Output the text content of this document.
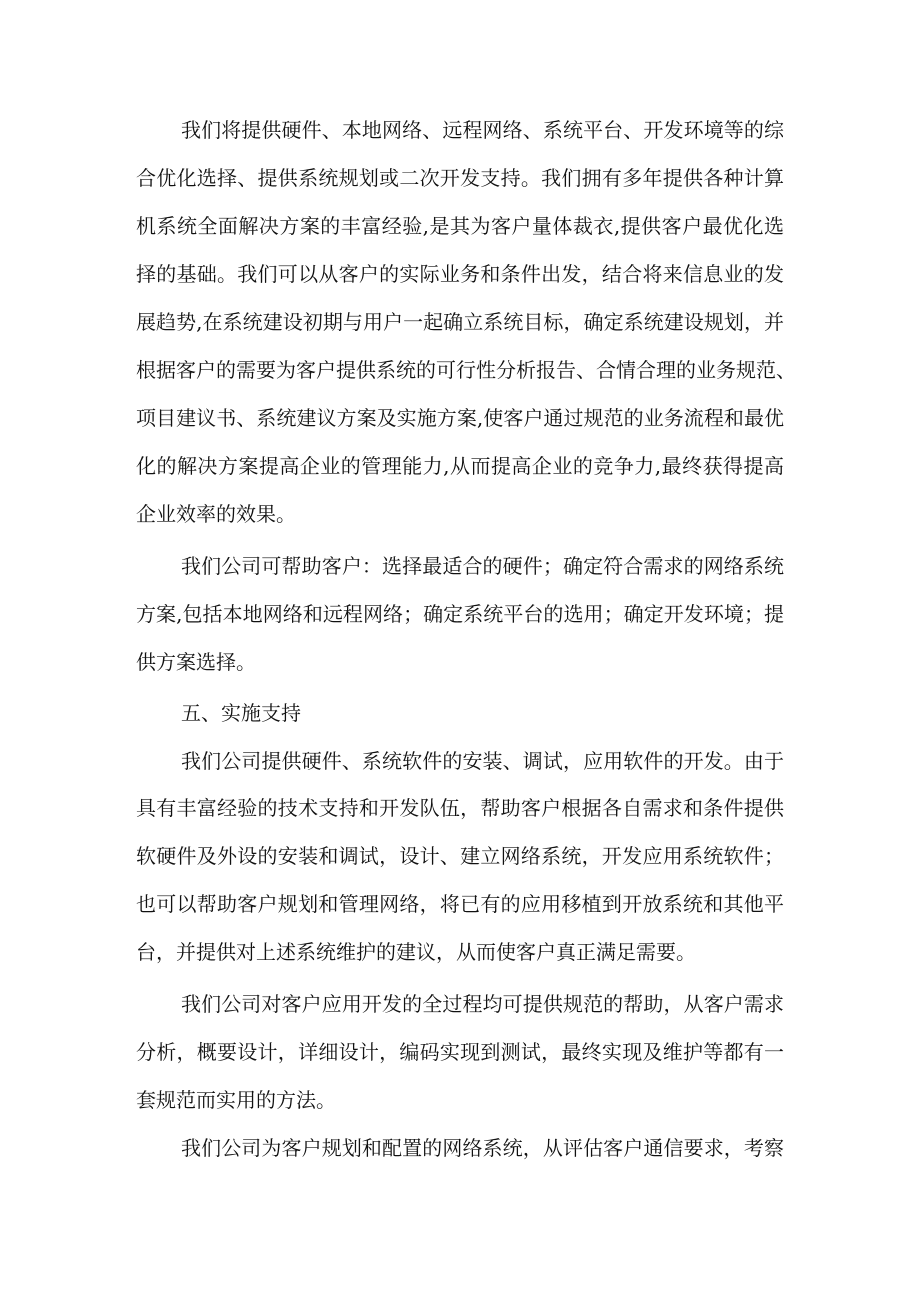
我们将提供硬件、本地网络、远程网络、系统平台、开发环境等的综

合优化选择、提供系统规划或二次开发支持。我们拥有多年提供各种计算

机系统全面解决方案的丰富经验,是其为客户量体裁衣,提供客户最优化选

择的基础。我们可以从客户的实际业务和条件出发，结合将来信息业的发

展趋势,在系统建设初期与用户一起确立系统目标，确定系统建设规划，并

根据客户的需要为客户提供系统的可行性分析报告、合情合理的业务规范、

项目建议书、系统建议方案及实施方案,使客户通过规范的业务流程和最优

化的解决方案提高企业的管理能力,从而提高企业的竞争力,最终获得提高

企业效率的效果。

我们公司可帮助客户：选择最适合的硬件；确定符合需求的网络系统

方案,包括本地网络和远程网络；确定系统平台的选用；确定开发环境；提

供方案选择。

五、实施支持

我们公司提供硬件、系统软件的安装、调试，应用软件的开发。由于

具有丰富经验的技术支持和开发队伍，帮助客户根据各自需求和条件提供

软硬件及外设的安装和调试，设计、建立网络系统，开发应用系统软件；

也可以帮助客户规划和管理网络，将已有的应用移植到开放系统和其他平

台，并提供对上述系统维护的建议，从而使客户真正满足需要。

我们公司对客户应用开发的全过程均可提供规范的帮助，从客户需求

分析，概要设计，详细设计，编码实现到测试，最终实现及维护等都有一

套规范而实用的方法。

我们公司为客户规划和配置的网络系统，从评估客户通信要求，考察
